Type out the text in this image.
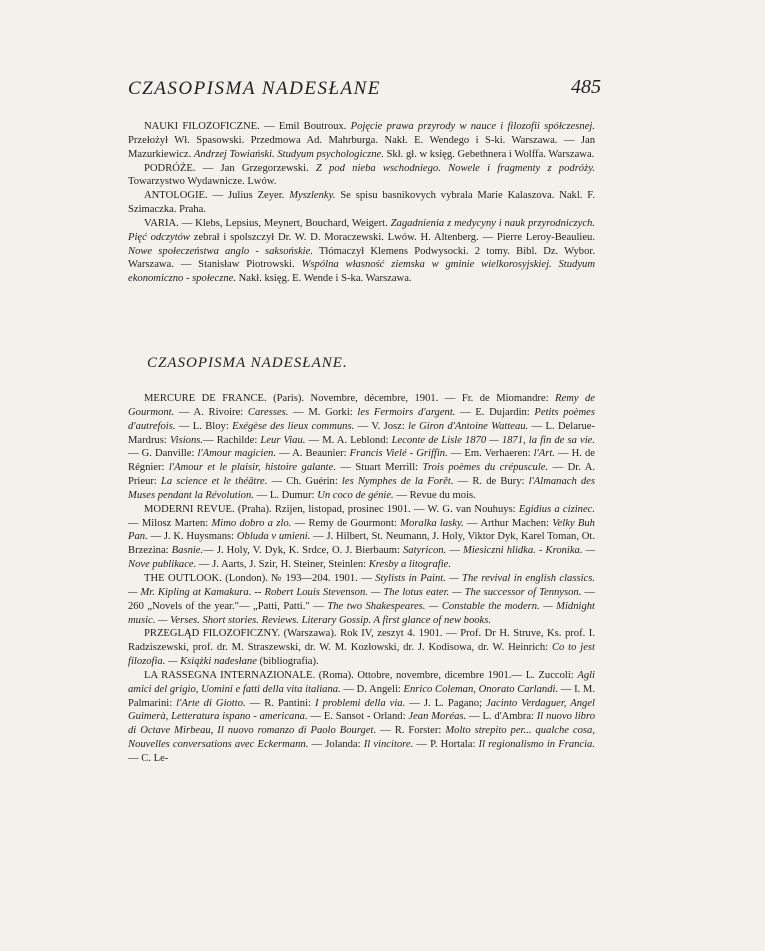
CZASOPISMA NADESŁANE	485

NAUKI FILOZOFICZNE. — Emil Boutroux. Pojęcie prawa przyrody w nauce i filozofii spółczesnej. Przełożył Wł. Spasowski. Przedmowa Ad. Mahrburga. Nakł. E. Wendego i S-ki. Warszawa. — Jan Mazurkiewicz. Andrzej Towiański. Studyum psychologiczne. Skł. gł. w księg. Gebethnera i Wolffa. Warszawa.

PODRÓŻE. — Jan Grzegorzewski. Z pod nieba wschodniego. Nowele i fragmenty z podróży. Towarzystwo Wydawnicze. Lwów.

ANTOLOGIE. — Julius Zeyer. Myszlenky. Se spisu basnikovych vybrala Marie Kalaszova. Nakl. F. Szimaczka. Praha.

VARIA. — Klebs, Lepsius, Meynert, Bouchard, Weigert. Zagadnienia z medycyny i nauk przyrodniczych. Pięć odczytów zebrał i spolszczył Dr. W. D. Moraczewski. Lwów. H. Altenberg. — Pierre Leroy-Beaulieu. Nowe społeczeństwa anglo - saksońskie. Tłómaczył Klemens Podwysocki. 2 tomy. Bibl. Dz. Wybor. Warszawa. — Stanisław Piotrowski. Wspólna własność ziemska w gminie wielkorosyjskiej. Studyum ekonomiczno - społeczne. Nakł. księg. E. Wende i S-ka. Warszawa.

CZASOPISMA NADESŁANE.

MERCURE DE FRANCE. (Paris). Novembre, décembre, 1901. — Fr. de Miomandre: Remy de Gourmont. — A. Rivoire: Caresses. — M. Gorki: les Fermoirs d'argent. — E. Dujardin: Petits poèmes d'autrefois. — L. Bloy: Exégèse des lieux communs. — V. Josz: le Giron d'Antoine Watteau. — L. Delarue-Mardrus: Visions.— Rachilde: Leur Viau. — M. A. Leblond: Leconte de Lisle 1870 — 1871, la fin de sa vie. — G. Danville: l'Amour magicien. — A. Beaunier: Francis Vielé - Griffin. — Em. Verhaeren: l'Art. — H. de Régnier: l'Amour et le plaisir, histoire galante. — Stuart Merrill: Trois poèmes du crépuscule. — Dr. A. Prieur: La science et le théâtre. — Ch. Guérin: les Nymphes de la Forêt. — R. de Bury: l'Almanach des Muses pendant la Révolution. — L. Dumur: Un coco de génie. — Revue du mois.

MODERNI REVUE. (Praha). Rzijen, listopad, prosinec 1901. — W. G. van Nouhuys: Egidius a cizinec. — Milosz Marten: Mimo dobro a zlo. — Remy de Gourmont: Moralka lasky. — Arthur Machen: Velky Buh Pan. — J. K. Huysmans: Obluda v umieni. — J. Hilbert, St. Neumann, J. Holy, Viktor Dyk, Karel Toman, Ot. Brzezina: Basnie.— J. Holy, V. Dyk, K. Srdce, O. J. Bierbaum: Satyricon. — Miesiczni hlidka. - Kronika. — Nove publikace. — J. Aarts, J. Szir, H. Steiner, Steinlen: Kresby a litografie.

THE OUTLOOK. (London). № 193—204. 1901. — Stylists in Paint. — The revival in english classics. — Mr. Kipling at Kamakura. -- Robert Louis Stevenson. — The lotus eater. — The successor of Tennyson. — 260 „Novels of the year."— „Patti, Patti." — The two Shakespeares. — Constable the modern. — Midnight music. — Verses. Short stories. Reviews. Literary Gossip. A first glance of new books.

PRZEGLĄD FILOZOFICZNY. (Warszawa). Rok IV, zeszyt 4. 1901. — Prof. Dr H. Struve, Ks. prof. I. Radziszewski, prof. dr. M. Straszewski, dr. W. M. Kozłowski, dr. J. Kodisowa, dr. W. Heinrich: Co to jest filozofia. — Książki nadesłane (bibliografia).

LA RASSEGNA INTERNAZIONALE. (Roma). Ottobre, novembre, dicembre 1901.— L. Zuccoli: Agli amici del grigio, Uomini e fatti della vita italiana. — D. Angeli: Enrico Coleman, Onorato Carlandi. — I. M. Palmarini: l'Arte di Giotto. — R. Pantini: I problemi della via. — J. L. Pagano; Jacinto Verdaguer, Angel Guimerà, Letteratura ispano - americana. — E. Sansot - Orland: Jean Moréas. — L. d'Ambra: Il nuovo libro di Octave Mirbeau, Il nuovo romanzo di Paolo Bourget. — R. Forster: Molto strepito per... qualche cosa, Nouvelles conversations avec Eckermann. — Jolanda: Il vincitore. — P. Hortala: Il regionalismo in Francia. — C. Le-
